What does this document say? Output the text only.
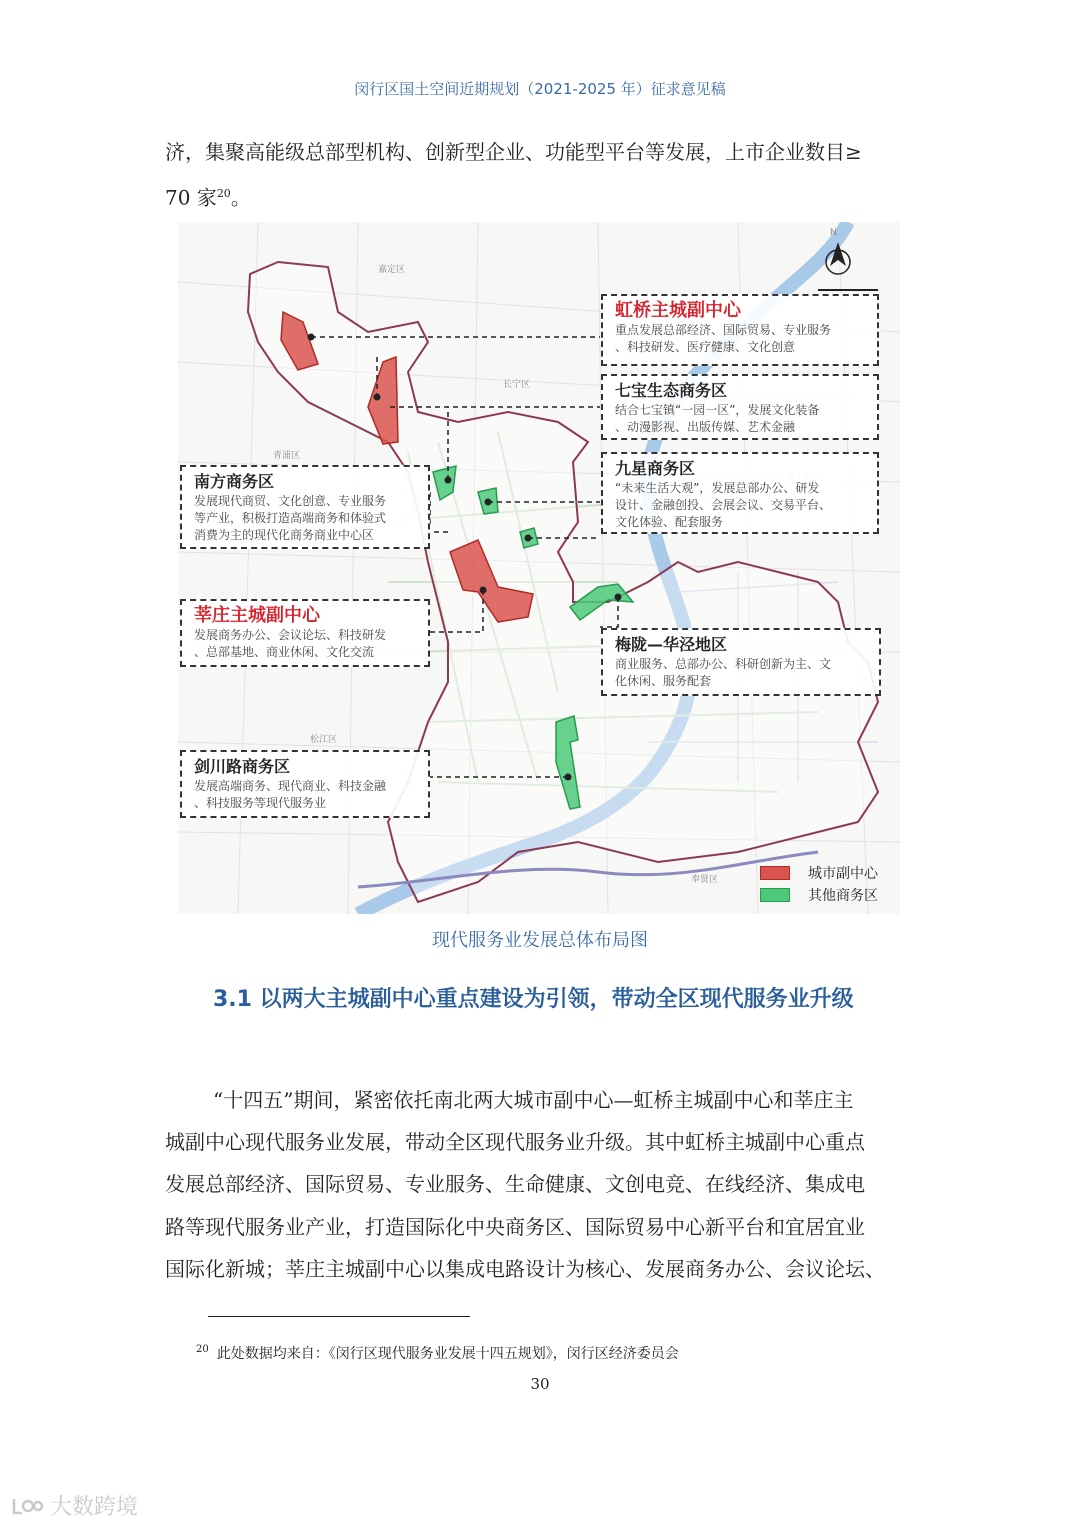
闵行区国土空间近期规划（2021-2025 年）征求意见稿

济，集聚高能级总部型机构、创新型企业、功能型平台等发展，上市企业数目≥

70 家$^{20}$。

N
嘉定区
长宁区
青浦区
松江区
奉贤区
虹桥主城副中心
重点发展总部经济、国际贸易、专业服务
、科技研发、医疗健康、文化创意
七宝生态商务区
结合七宝镇“一园一区”，发展文化装备
、动漫影视、出版传媒、艺术金融
九星商务区
“未来生活大观”，发展总部办公、研发
设计、金融创投、会展会议、交易平台、
文化体验、配套服务
南方商务区
发展现代商贸、文化创意、专业服务
等产业，积极打造高端商务和体验式
消费为主的现代化商务商业中心区
莘庄主城副中心
发展商务办公、会议论坛、科技研发
、总部基地、商业休闲、文化交流	梅陇—华泾地区
商业服务、总部办公、科研创新为主、文
化休闲、服务配套
剑川路商务区
发展高端商务、现代商业、科技金融
、科技服务等现代服务业
城市副中心
其他商务区
现代服务业发展总体布局图
3.1 以两大主城副中心重点建设为引领，带动全区现代服务业升级

“十四五”期间，紧密依托南北两大城市副中心—虹桥主城副中心和莘庄主

城副中心现代服务业发展，带动全区现代服务业升级。其中虹桥主城副中心重点

发展总部经济、国际贸易、专业服务、生命健康、文创电竞、在线经济、集成电

路等现代服务业产业，打造国际化中央商务区、国际贸易中心新平台和宜居宜业

国际化新城；莘庄主城副中心以集成电路设计为核心、发展商务办公、会议论坛、

$^{20}$ 此处数据均来自：《闵行区现代服务业发展十四五规划》，闵行区经济委员会
30
大数跨境
